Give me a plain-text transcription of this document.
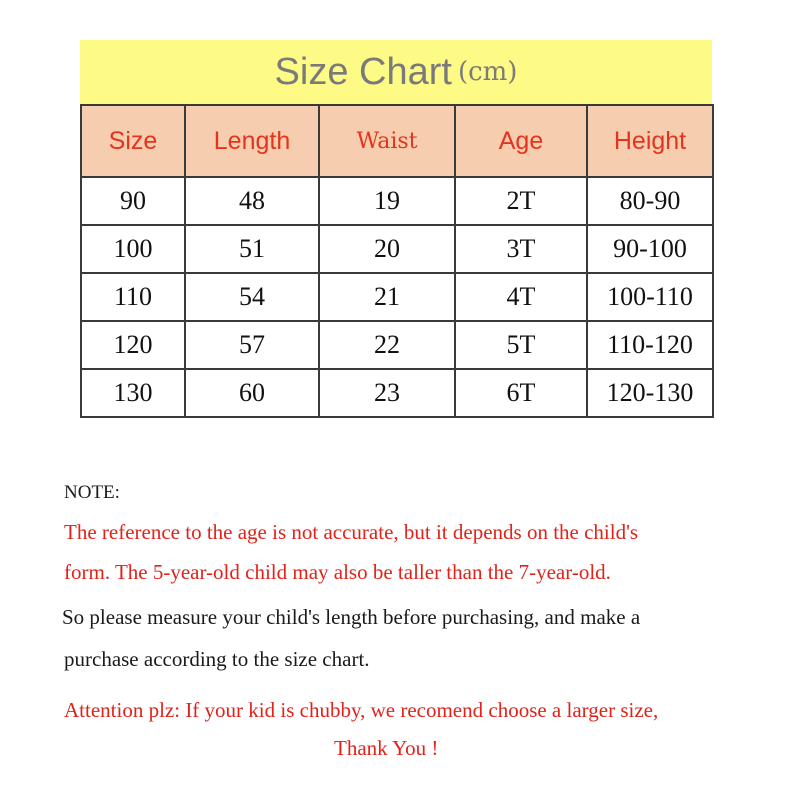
Size Chart (cm)
Size	Length	Waist	Age	Height
90	48	19	2T	80-90
100	51	20	3T	90-100
110	54	21	4T	100-110
120	57	22	5T	110-120
130	60	23	6T	120-130
NOTE:
The reference to the age is not accurate, but it depends on the child's
form. The 5-year-old child may also be taller than the 7-year-old.
So please measure your child's length before purchasing, and make a
purchase according to the size chart.
Attention plz: If your kid is chubby, we recomend choose a larger size,
Thank You !
